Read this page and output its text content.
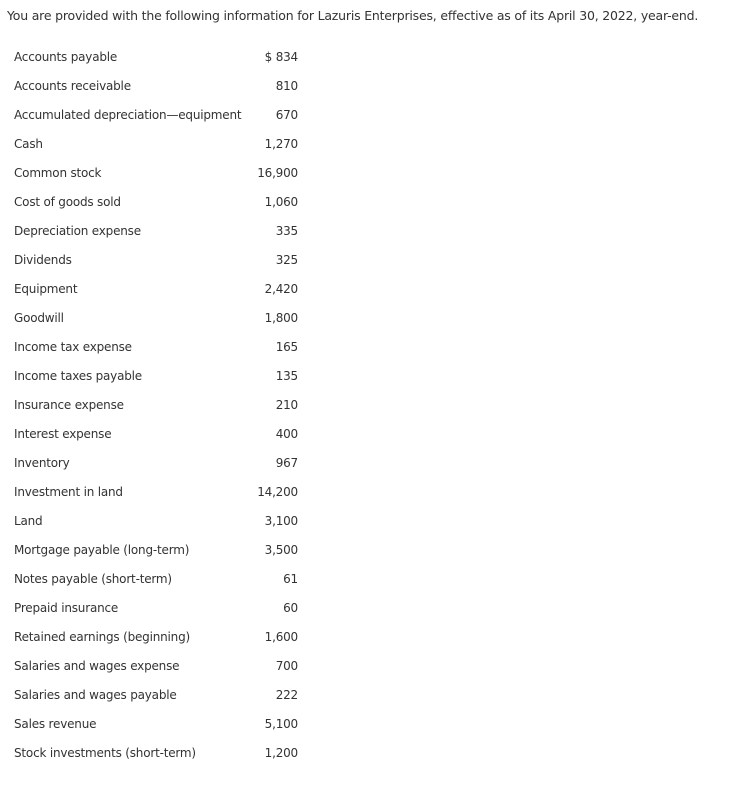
You are provided with the following information for Lazuris Enterprises, effective as of its April 30, 2022, year-end.
Accounts payable	$ 834
Accounts receivable	810
Accumulated depreciation—equipment	670
Cash	1,270
Common stock	16,900
Cost of goods sold	1,060
Depreciation expense	335
Dividends	325
Equipment	2,420
Goodwill	1,800
Income tax expense	165
Income taxes payable	135
Insurance expense	210
Interest expense	400
Inventory	967
Investment in land	14,200
Land	3,100
Mortgage payable (long-term)	3,500
Notes payable (short-term)	61
Prepaid insurance	60
Retained earnings (beginning)	1,600
Salaries and wages expense	700
Salaries and wages payable	222
Sales revenue	5,100
Stock investments (short-term)	1,200
